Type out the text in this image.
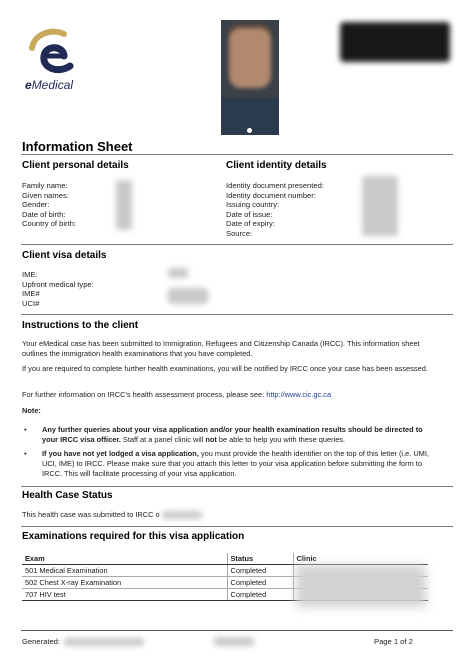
eMedical
Information Sheet
Client personal details
Family name:
Given names:
Gender:
Date of birth:
Country of birth:
Client identity details
Identity document presented:
Identity document number:
Issuing country:
Date of issue:
Date of expiry:
Source:
Client visa details
IME:
Upfront medical type:
IME#
UCI#
Instructions to the client
Your eMedical case has been submitted to Immigration, Refugees and Citizenship Canada (IRCC). This information sheet outlines the immigration health examinations that you have completed.
If you are required to complete further health examinations, you will be notified by IRCC once your case has been assessed.
For further information on IRCC's health assessment process, please see: http://www.cic.gc.ca
Note:
• Any further queries about your visa application and/or your health examination results should be directed to your IRCC visa officer. Staff at a panel clinic will not be able to help you with these queries.
• If you have not yet lodged a visa application, you must provide the health identifier on the top of this letter (i.e. UMI, UCI, IME) to IRCC. Please make sure that you attach this letter to your visa application before submitting the form to IRCC. This will facilitate processing of your visa application.
Health Case Status
This health case was submitted to IRCC o
Examinations required for this visa application
Exam	Status	Clinic
501 Medical Examination	Completed	
502 Chest X-ray Examination	Completed	
707 HIV test	Completed	
Generated:	Page 1 of 2
